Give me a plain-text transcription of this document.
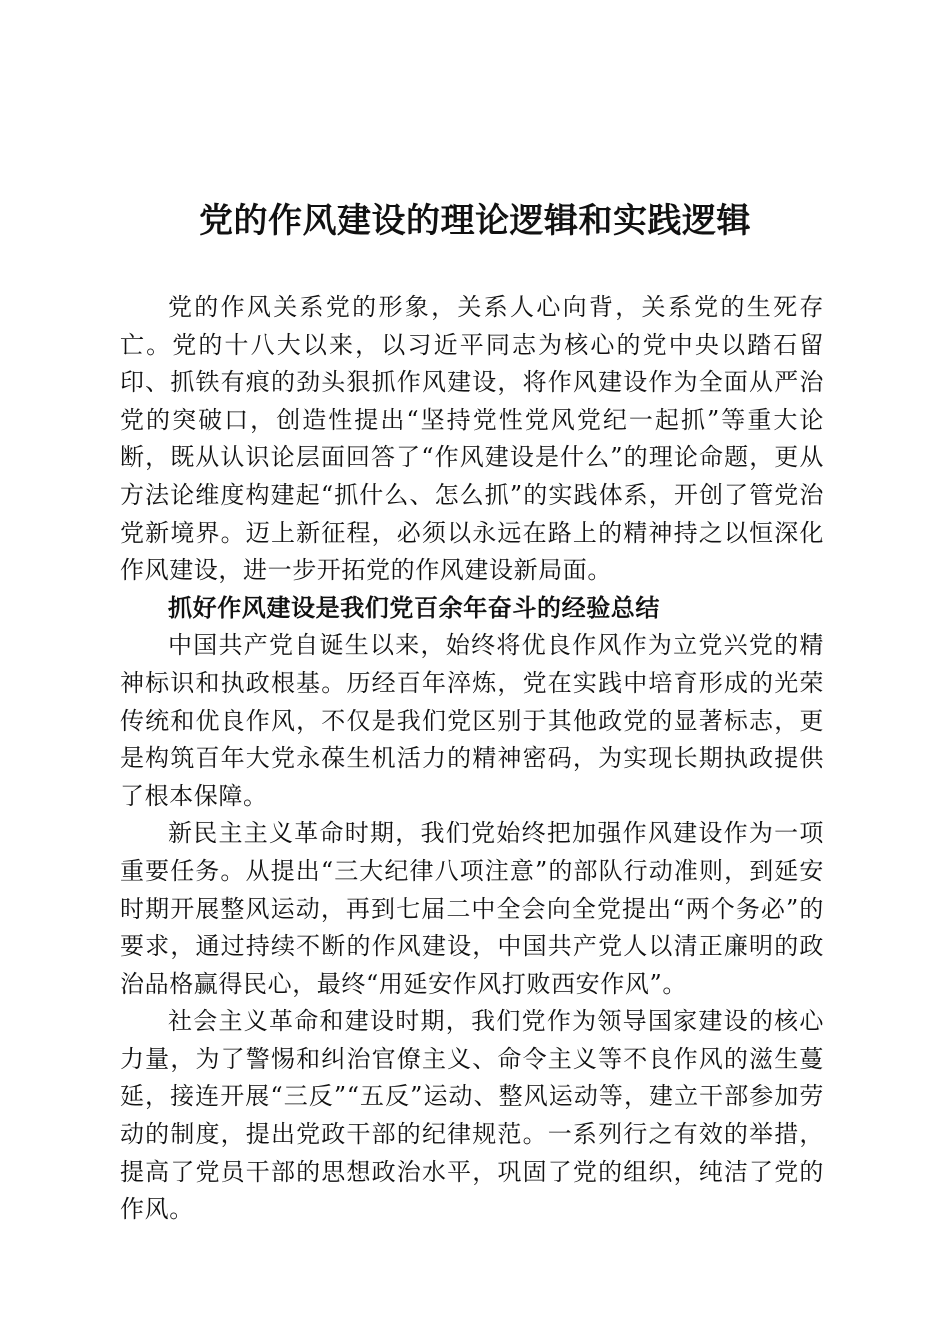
党的作风建设的理论逻辑和实践逻辑

党的作风关系党的形象，关系人心向背，关系党的生死存亡。党的十八大以来，以习近平同志为核心的党中央以踏石留印、抓铁有痕的劲头狠抓作风建设，将作风建设作为全面从严治党的突破口，创造性提出“坚持党性党风党纪一起抓”等重大论断，既从认识论层面回答了“作风建设是什么”的理论命题，更从方法论维度构建起“抓什么、怎么抓”的实践体系，开创了管党治党新境界。迈上新征程，必须以永远在路上的精神持之以恒深化作风建设，进一步开拓党的作风建设新局面。

抓好作风建设是我们党百余年奋斗的经验总结

中国共产党自诞生以来，始终将优良作风作为立党兴党的精神标识和执政根基。历经百年淬炼，党在实践中培育形成的光荣传统和优良作风，不仅是我们党区别于其他政党的显著标志，更是构筑百年大党永葆生机活力的精神密码，为实现长期执政提供了根本保障。

新民主主义革命时期，我们党始终把加强作风建设作为一项重要任务。从提出“三大纪律八项注意”的部队行动准则，到延安时期开展整风运动，再到七届二中全会向全党提出“两个务必”的要求，通过持续不断的作风建设，中国共产党人以清正廉明的政治品格赢得民心，最终“用延安作风打败西安作风”。

社会主义革命和建设时期，我们党作为领导国家建设的核心力量，为了警惕和纠治官僚主义、命令主义等不良作风的滋生蔓延，接连开展“三反”“五反”运动、整风运动等，建立干部参加劳动的制度，提出党政干部的纪律规范。一系列行之有效的举措，提高了党员干部的思想政治水平，巩固了党的组织，纯洁了党的作风。
